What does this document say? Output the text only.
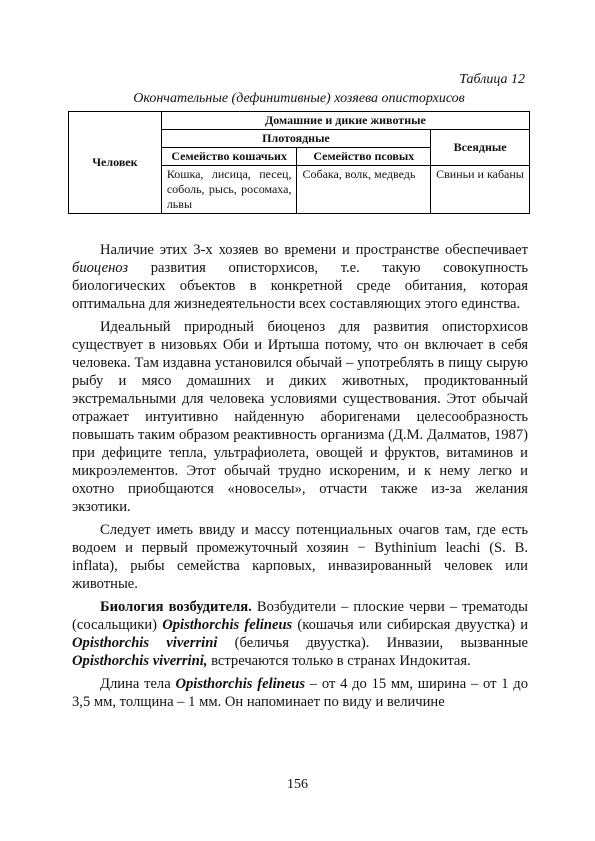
Таблица 12
Окончательные (дефинитивные) хозяева описторхисов
Человек	Домашние и дикие животные		
	Плотоядные		Всеядные
	Семейство кошачьих	Семейство псовых	
	Кошка, лисица, песец, соболь, рысь, росомаха, львы	Собака, волк, медведь	Свиньи и кабаны

Наличие этих 3-х хозяев во времени и пространстве обеспечивает биоценоз развития описторхисов, т.е. такую совокупность биологических объектов в конкретной среде обитания, которая оптимальна для жизнедеятельности всех составляющих этого единства.

Идеальный природный биоценоз для развития описторхисов существует в низовьях Оби и Иртыша потому, что он включает в себя человека. Там издавна установился обычай – употреблять в пищу сырую рыбу и мясо домашних и диких животных, продиктованный экстремальными для человека условиями существования. Этот обычай отражает интуитивно найденную аборигенами целесообразность повышать таким образом реактивность организма (Д.М. Далматов, 1987) при дефиците тепла, ультрафиолета, овощей и фруктов, витаминов и микроэлементов. Этот обычай трудно искореним, и к нему легко и охотно приобщаются «новоселы», отчасти также из-за желания экзотики.

Следует иметь ввиду и массу потенциальных очагов там, где есть водоем и первый промежуточный хозяин − Bythinium leachi (S. B. inflata), рыбы семейства карповых, инвазированный человек или животные.

Биология возбудителя. Возбудители – плоские черви – трематоды (сосальщики) Opisthorchis felineus (кошачья или сибирская двуустка) и Opisthorchis viverrini (беличья двуустка). Инвазии, вызванные Opisthorchis viverrini, встречаются только в странах Индокитая.

Длина тела Opisthorchis felineus – от 4 до 15 мм, ширина – от 1 до 3,5 мм, толщина – 1 мм. Он напоминает по виду и величине

156
